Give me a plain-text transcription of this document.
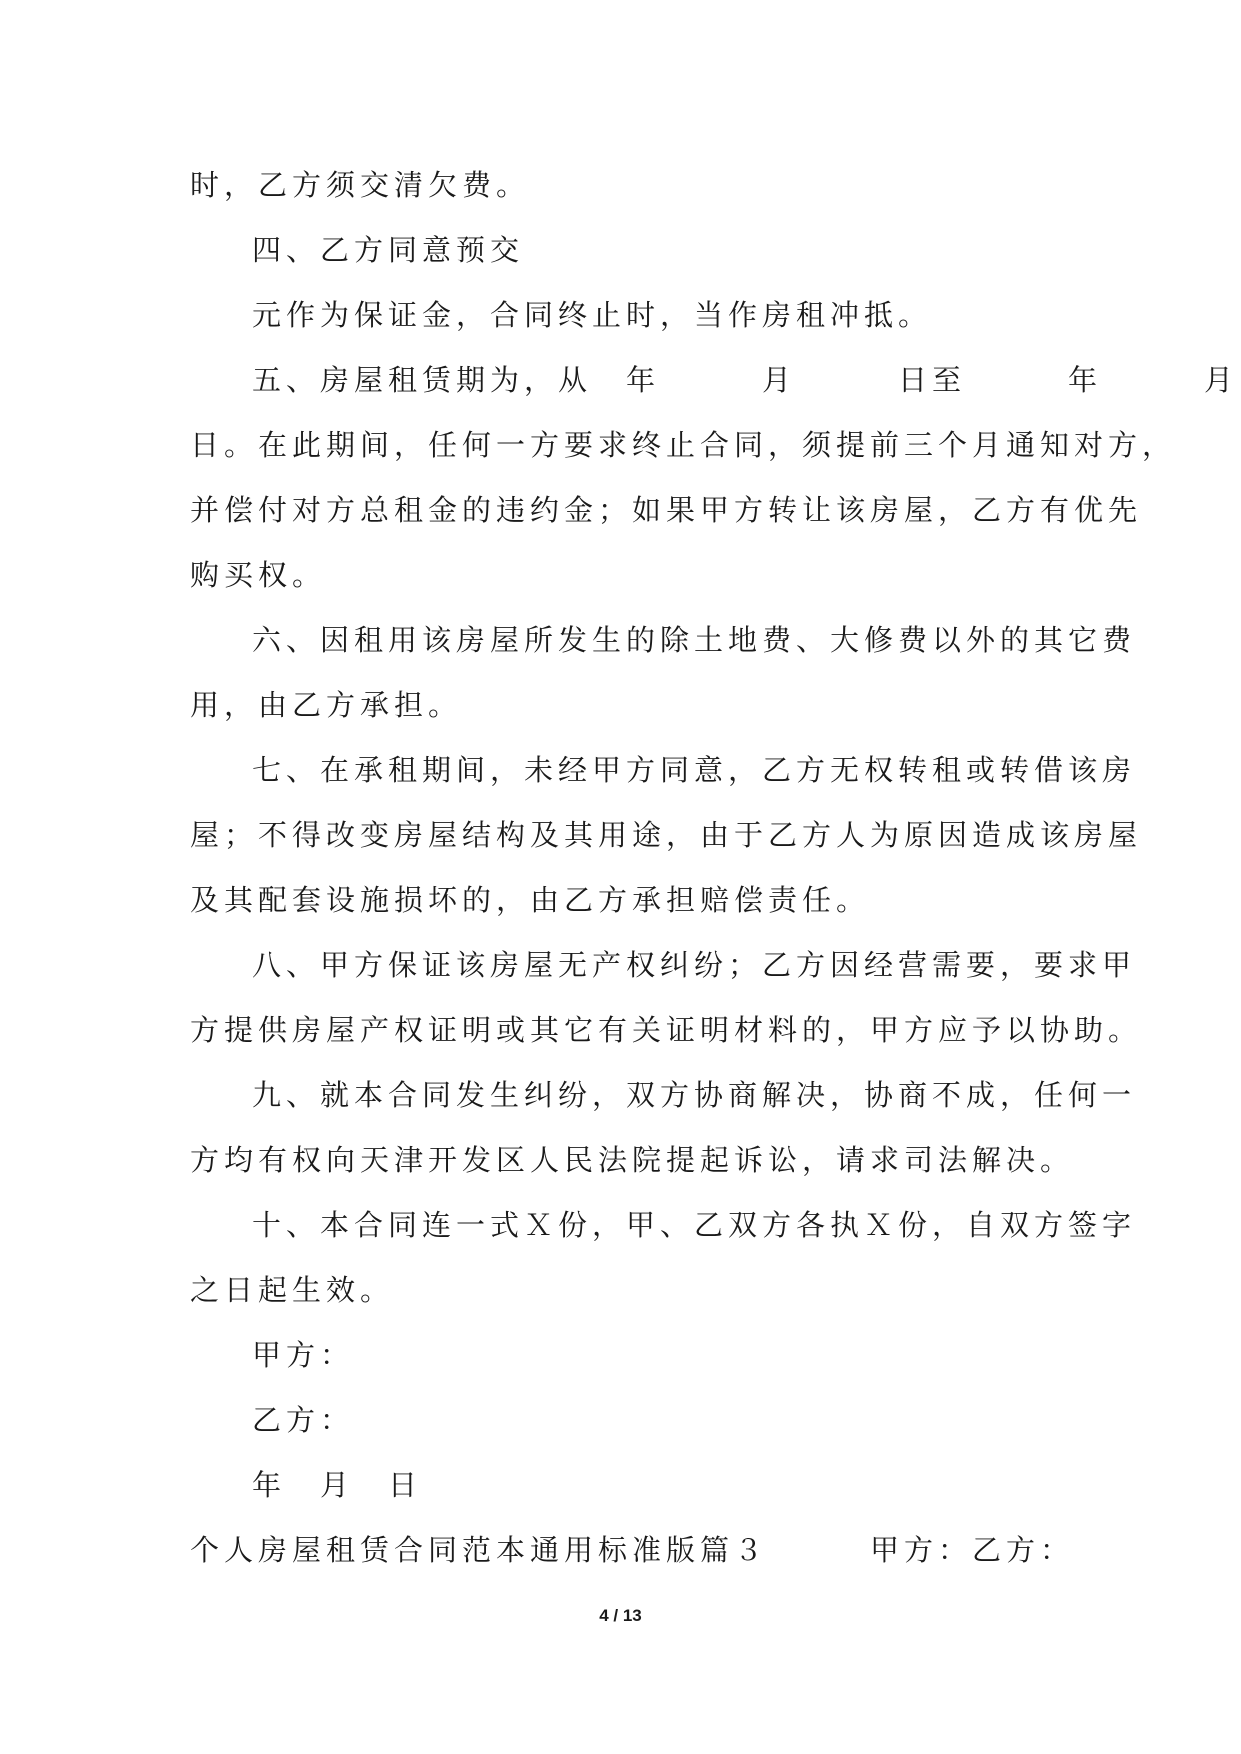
时，乙方须交清欠费。
四、乙方同意预交
元作为保证金，合同终止时，当作房租冲抵。
五、房屋租赁期为，从　年　　　月　　　日至　　　年　　　月
日。在此期间，任何一方要求终止合同，须提前三个月通知对方，
并偿付对方总租金的违约金；如果甲方转让该房屋，乙方有优先
购买权。
六、因租用该房屋所发生的除土地费、大修费以外的其它费
用，由乙方承担。
七、在承租期间，未经甲方同意，乙方无权转租或转借该房
屋；不得改变房屋结构及其用途，由于乙方人为原因造成该房屋
及其配套设施损坏的，由乙方承担赔偿责任。
八、甲方保证该房屋无产权纠纷；乙方因经营需要，要求甲
方提供房屋产权证明或其它有关证明材料的，甲方应予以协助。
九、就本合同发生纠纷，双方协商解决，协商不成，任何一
方均有权向天津开发区人民法院提起诉讼，请求司法解决。
十、本合同连一式Ｘ份，甲、乙双方各执Ｘ份，自双方签字
之日起生效。
甲方：
乙方：
年　月　日
个人房屋租赁合同范本通用标准版篇３　　　甲方：乙方：
4 / 13
